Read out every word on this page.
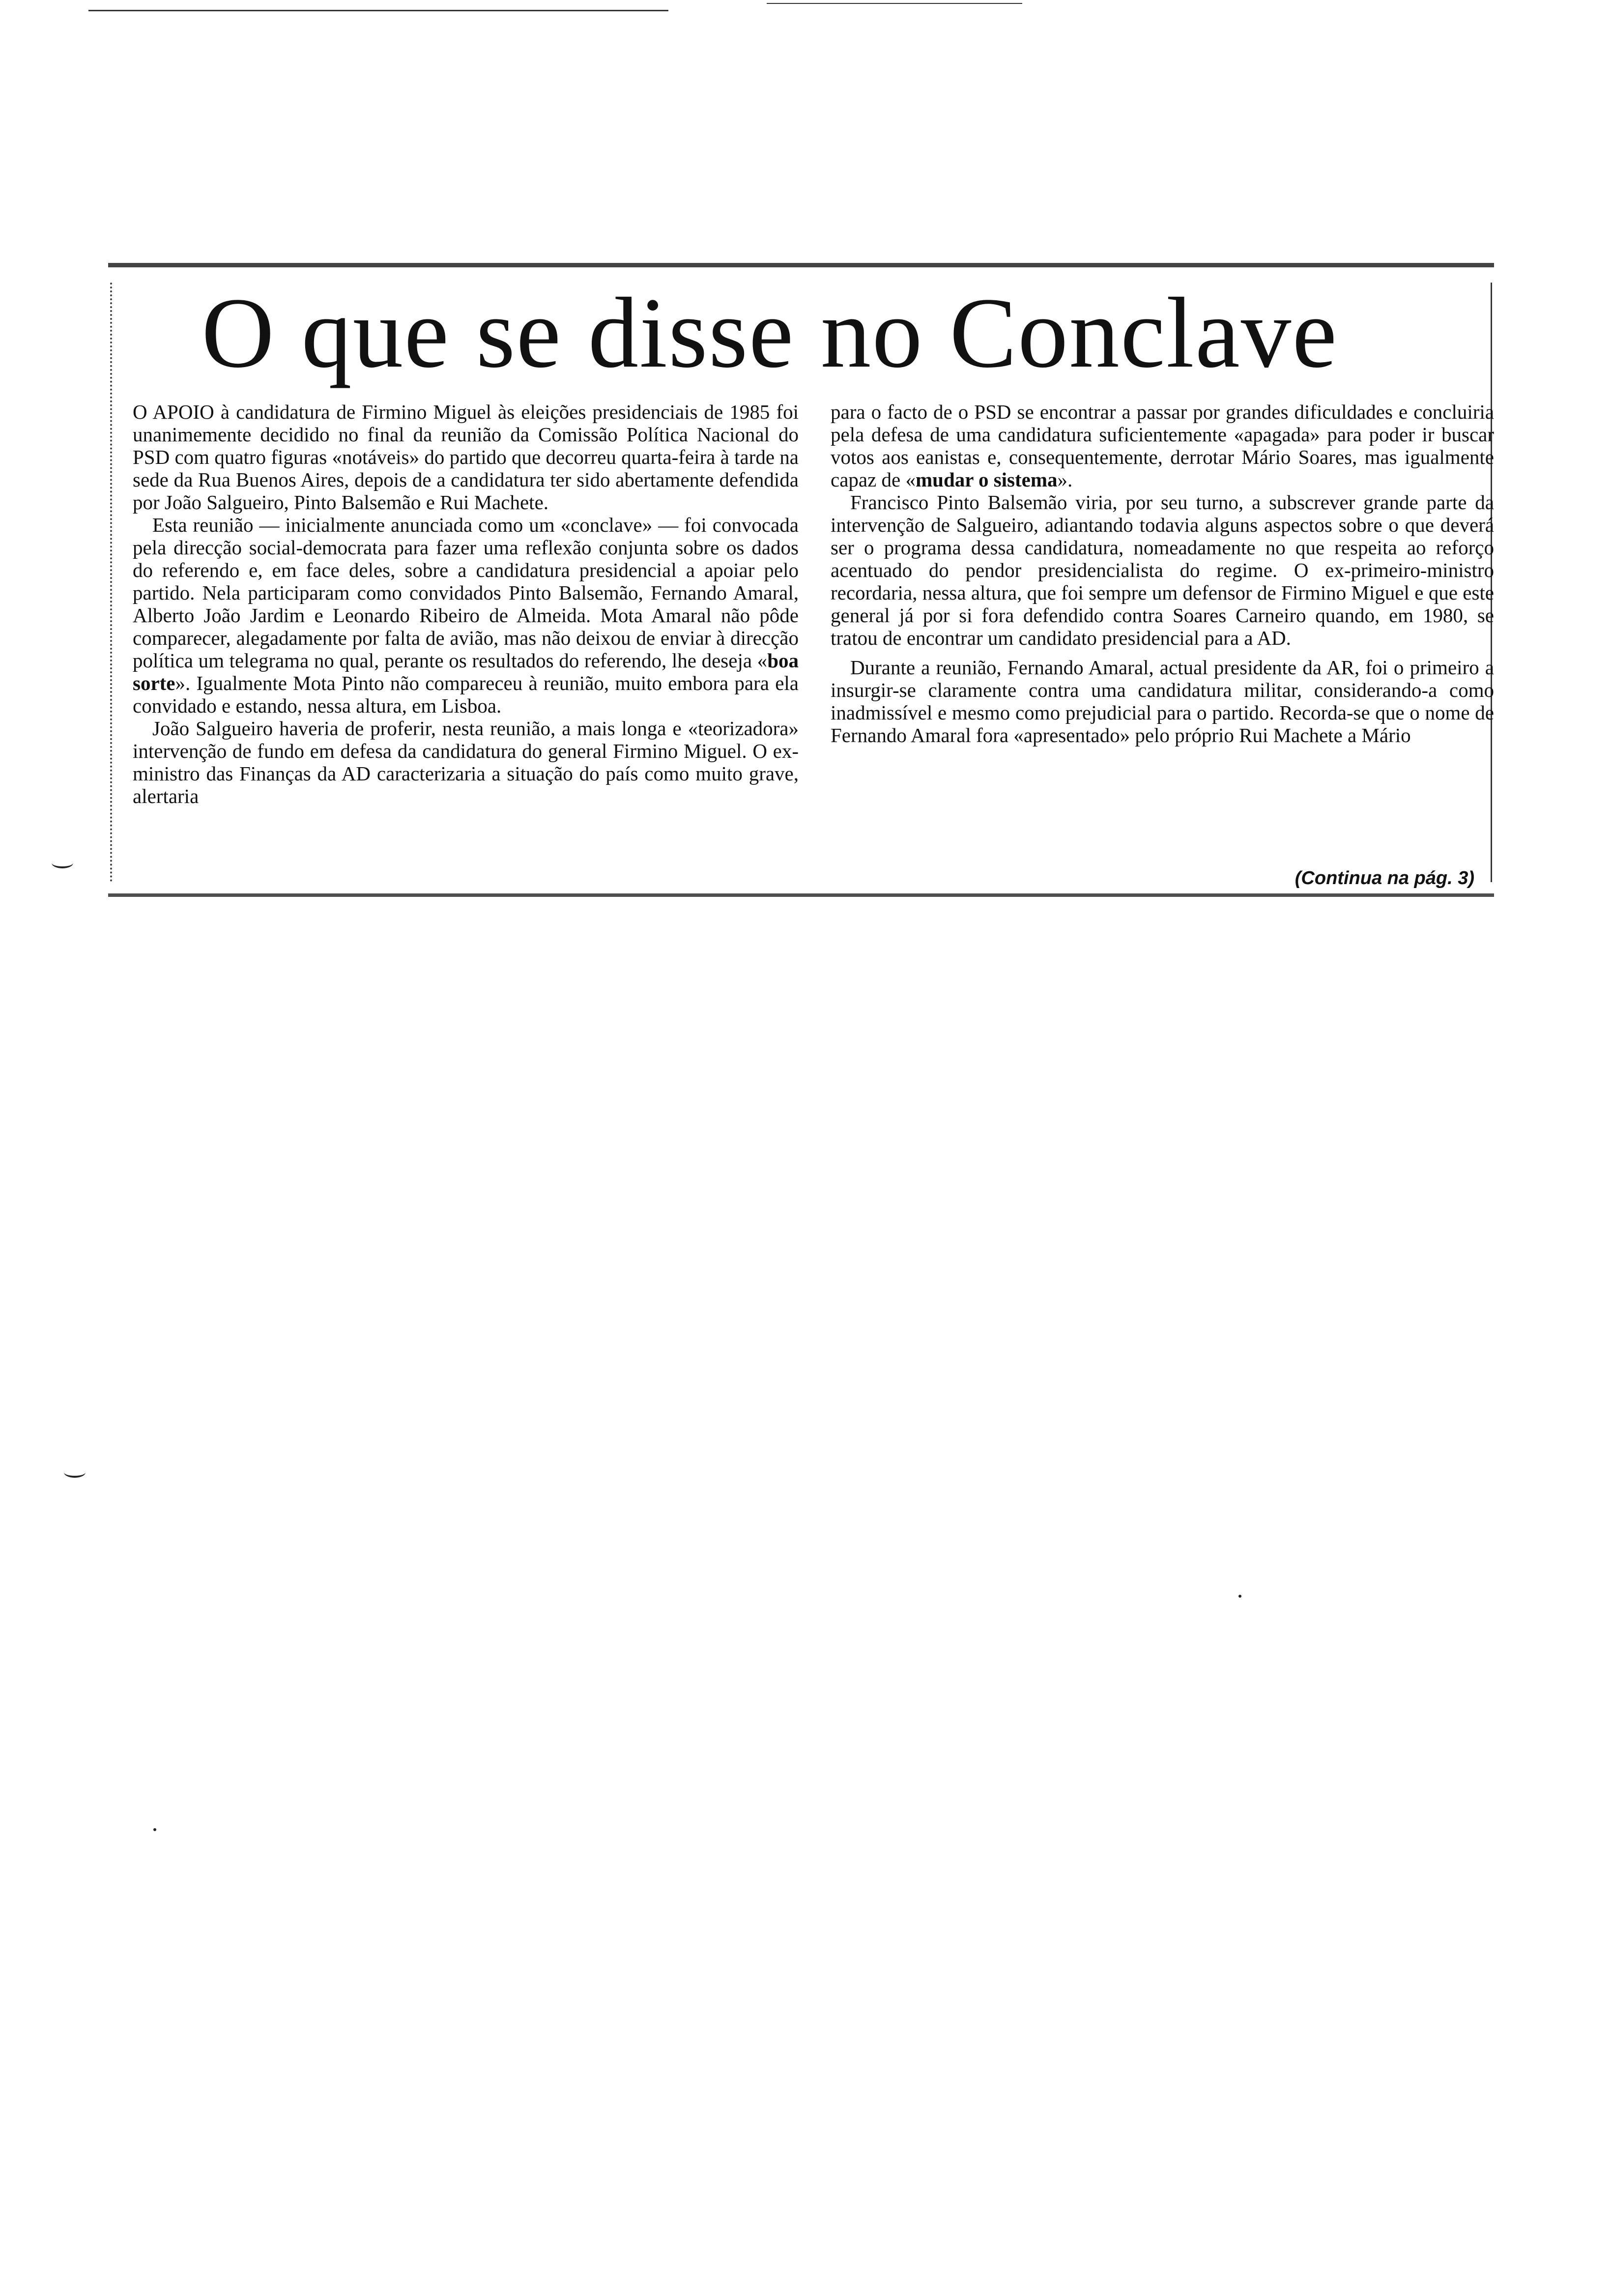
O que se disse no Conclave

O APOIO à candidatura de Firmino Miguel às eleições presidenciais de 1985 foi unanimemente decidido no final da reunião da Comissão Política Nacional do PSD com quatro figuras «notáveis» do partido que decorreu quarta-feira à tarde na sede da Rua Buenos Aires, depois de a candidatura ter sido abertamente defendida por João Salgueiro, Pinto Balsemão e Rui Machete.

Esta reunião — inicialmente anunciada como um «conclave» — foi convocada pela direcção social-democrata para fazer uma reflexão conjunta sobre os dados do referendo e, em face deles, sobre a candidatura presidencial a apoiar pelo partido. Nela participaram como convidados Pinto Balsemão, Fernando Amaral, Alberto João Jardim e Leonardo Ribeiro de Almeida. Mota Amaral não pôde comparecer, alegadamente por falta de avião, mas não deixou de enviar à direcção política um telegrama no qual, perante os resultados do referendo, lhe deseja «boa sorte». Igualmente Mota Pinto não compareceu à reunião, muito embora para ela convidado e estando, nessa altura, em Lisboa.

João Salgueiro haveria de proferir, nesta reunião, a mais longa e «teorizadora» intervenção de fundo em defesa da candidatura do general Firmino Miguel. O ex-ministro das Finanças da AD caracterizaria a situação do país como muito grave, alertaria

para o facto de o PSD se encontrar a passar por grandes dificuldades e concluiria pela defesa de uma candidatura suficientemente «apagada» para poder ir buscar votos aos eanistas e, consequentemente, derrotar Mário Soares, mas igualmente capaz de «mudar o sistema».

Francisco Pinto Balsemão viria, por seu turno, a subscrever grande parte da intervenção de Salgueiro, adiantando todavia alguns aspectos sobre o que deverá ser o programa dessa candidatura, nomeadamente no que respeita ao reforço acentuado do pendor presidencialista do regime. O ex-primeiro-ministro recordaria, nessa altura, que foi sempre um defensor de Firmino Miguel e que este general já por si fora defendido contra Soares Carneiro quando, em 1980, se tratou de encontrar um candidato presidencial para a AD.

Durante a reunião, Fernando Amaral, actual presidente da AR, foi o primeiro a insurgir-se claramente contra uma candidatura militar, considerando-a como inadmissível e mesmo como prejudicial para o partido. Recorda-se que o nome de Fernando Amaral fora «apresentado» pelo próprio Rui Machete a Mário

(Continua na pág. 3)
